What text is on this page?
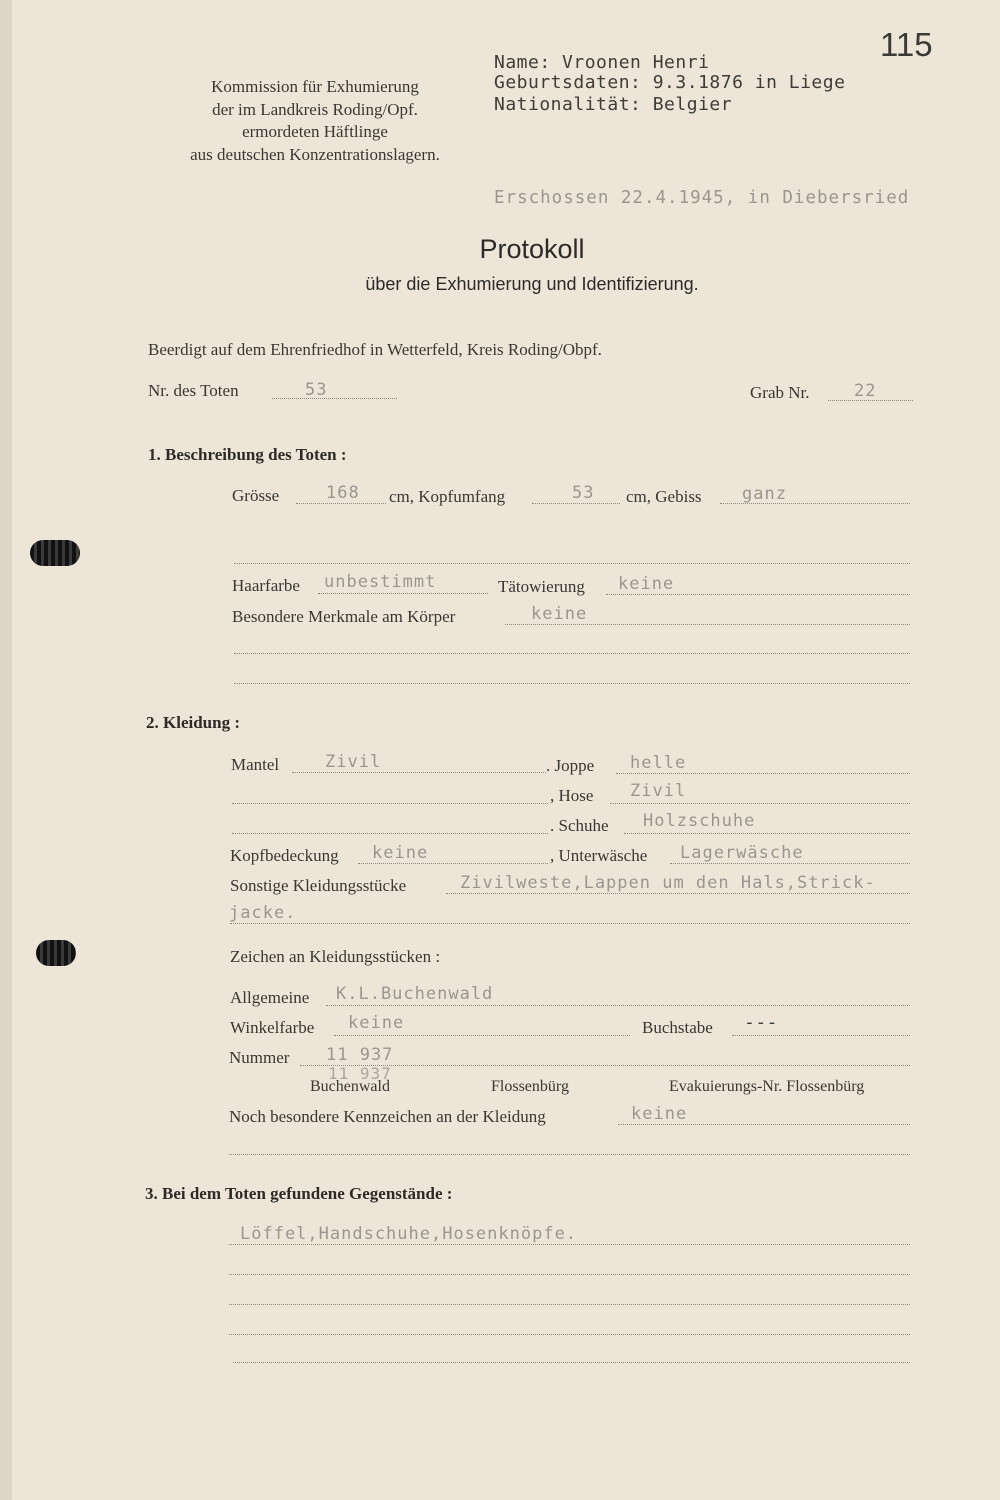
115
Kommission für Exhumierung
der im Landkreis Roding/Opf.
ermordeten Häftlinge
aus deutschen Konzentrationslagern.
Name: Vroonen Henri
Geburtsdaten: 9.3.1876 in Liege
Nationalität: Belgier
Erschossen 22.4.1945, in Diebersried
Protokoll
über die Exhumierung und Identifizierung.
Beerdigt auf dem Ehrenfriedhof in Wetterfeld, Kreis Roding/Obpf.
Nr. des Toten	53	Grab Nr.	22
1. Beschreibung des Toten :
Grösse	168 cm, Kopfumfang	53 cm, Gebiss ganz
Haarfarbe unbestimmt	Tätowierung keine
Besondere Merkmale am Körper	keine
2. Kleidung :
Mantel	Zivil	. Joppe helle
, Hose Zivil
. Schuhe Holzschuhe
Kopfbedeckung keine	, Unterwäsche Lagerwäsche
Sonstige Kleidungsstücke	Zivilweste,Lappen um den Hals,Strick-
jacke.
Zeichen an Kleidungsstücken :
Allgemeine K.L.Buchenwald
Winkelfarbe keine	Buchstabe ---
Nummer 11 937
11 937
Buchenwald	Flossenbürg	Evakuierungs-Nr. Flossenbürg
Noch besondere Kennzeichen an der Kleidung	keine
3. Bei dem Toten gefundene Gegenstände :
Löffel,Handschuhe,Hosenknöpfe.
